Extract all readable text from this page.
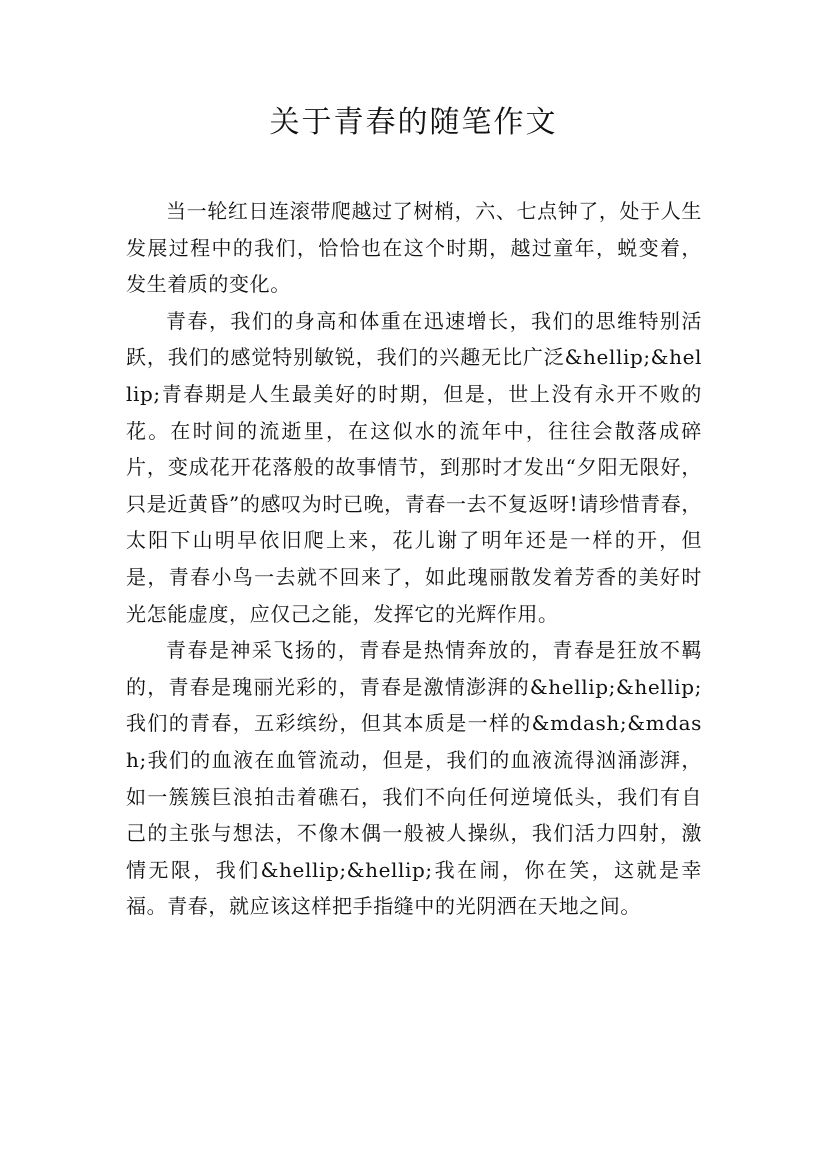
关于青春的随笔作文

当一轮红日连滚带爬越过了树梢，六、七点钟了，处于人生发展过程中的我们，恰恰也在这个时期，越过童年，蜕变着，发生着质的变化。

青春，我们的身高和体重在迅速增长，我们的思维特别活跃，我们的感觉特别敏锐，我们的兴趣无比广泛&hellip;&hellip;青春期是人生最美好的时期，但是，世上没有永开不败的花。在时间的流逝里，在这似水的流年中，往往会散落成碎片，变成花开花落般的故事情节，到那时才发出“夕阳无限好，只是近黄昏”的感叹为时已晚，青春一去不复返呀!请珍惜青春，太阳下山明早依旧爬上来，花儿谢了明年还是一样的开，但是，青春小鸟一去就不回来了，如此瑰丽散发着芳香的美好时光怎能虚度，应仅己之能，发挥它的光辉作用。

青春是神采飞扬的，青春是热情奔放的，青春是狂放不羁的，青春是瑰丽光彩的，青春是激情澎湃的&hellip;&hellip;我们的青春，五彩缤纷，但其本质是一样的&mdash;&mdash;我们的血液在血管流动，但是，我们的血液流得汹涌澎湃，如一簇簇巨浪拍击着礁石，我们不向任何逆境低头，我们有自己的主张与想法，不像木偶一般被人操纵，我们活力四射，激情无限，我们&hellip;&hellip;我在闹，你在笑，这就是幸福。青春，就应该这样把手指缝中的光阴洒在天地之间。
